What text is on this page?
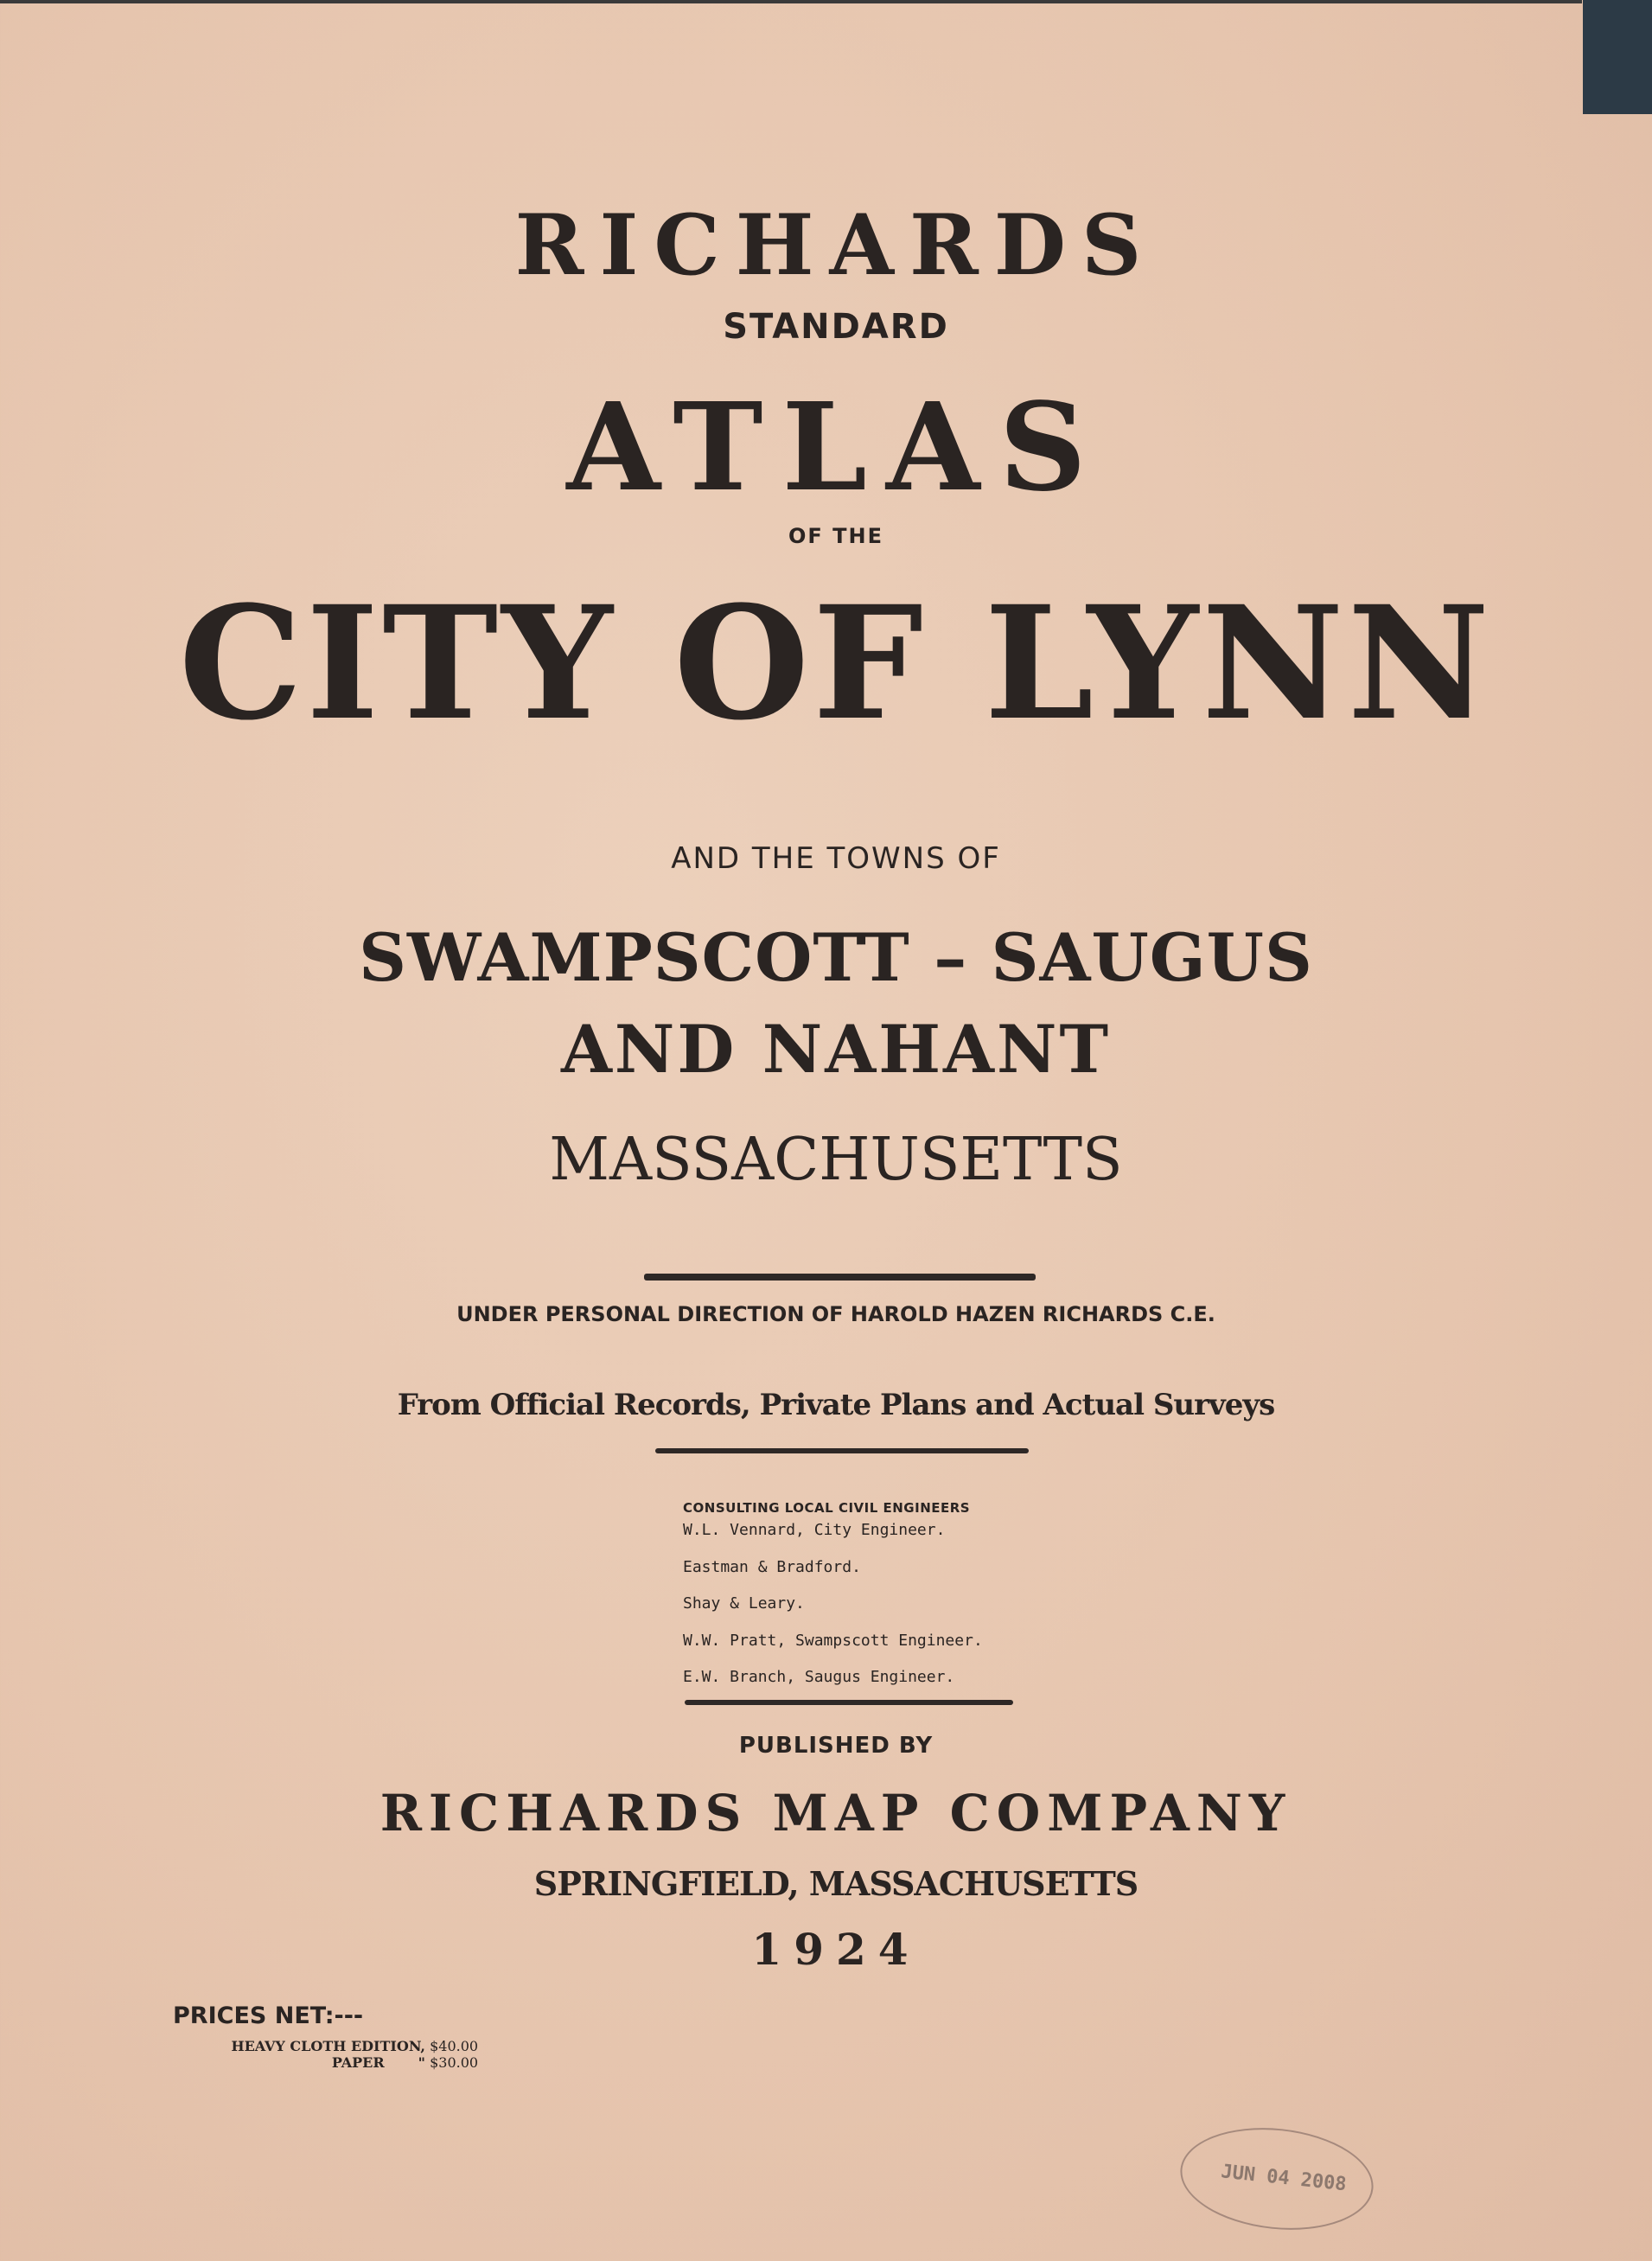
RICHARDS
STANDARD
ATLAS
OF THE
CITY OF LYNN
AND THE TOWNS OF
SWAMPSCOTT – SAUGUS
AND NAHANT
MASSACHUSETTS
UNDER PERSONAL DIRECTION OF HAROLD HAZEN RICHARDS C.E.
From Official Records, Private Plans and Actual Surveys
CONSULTING LOCAL CIVIL ENGINEERS
W.L. Vennard, City Engineer.
Eastman & Bradford.
Shay & Leary.
W.W. Pratt, Swampscott Engineer.
E.W. Branch, Saugus Engineer.
PUBLISHED BY
RICHARDS MAP COMPANY
SPRINGFIELD, MASSACHUSETTS
1924
PRICES NET:---
HEAVY CLOTH EDITION, $40.00
PAPER       " $30.00
JUN 04 2008
